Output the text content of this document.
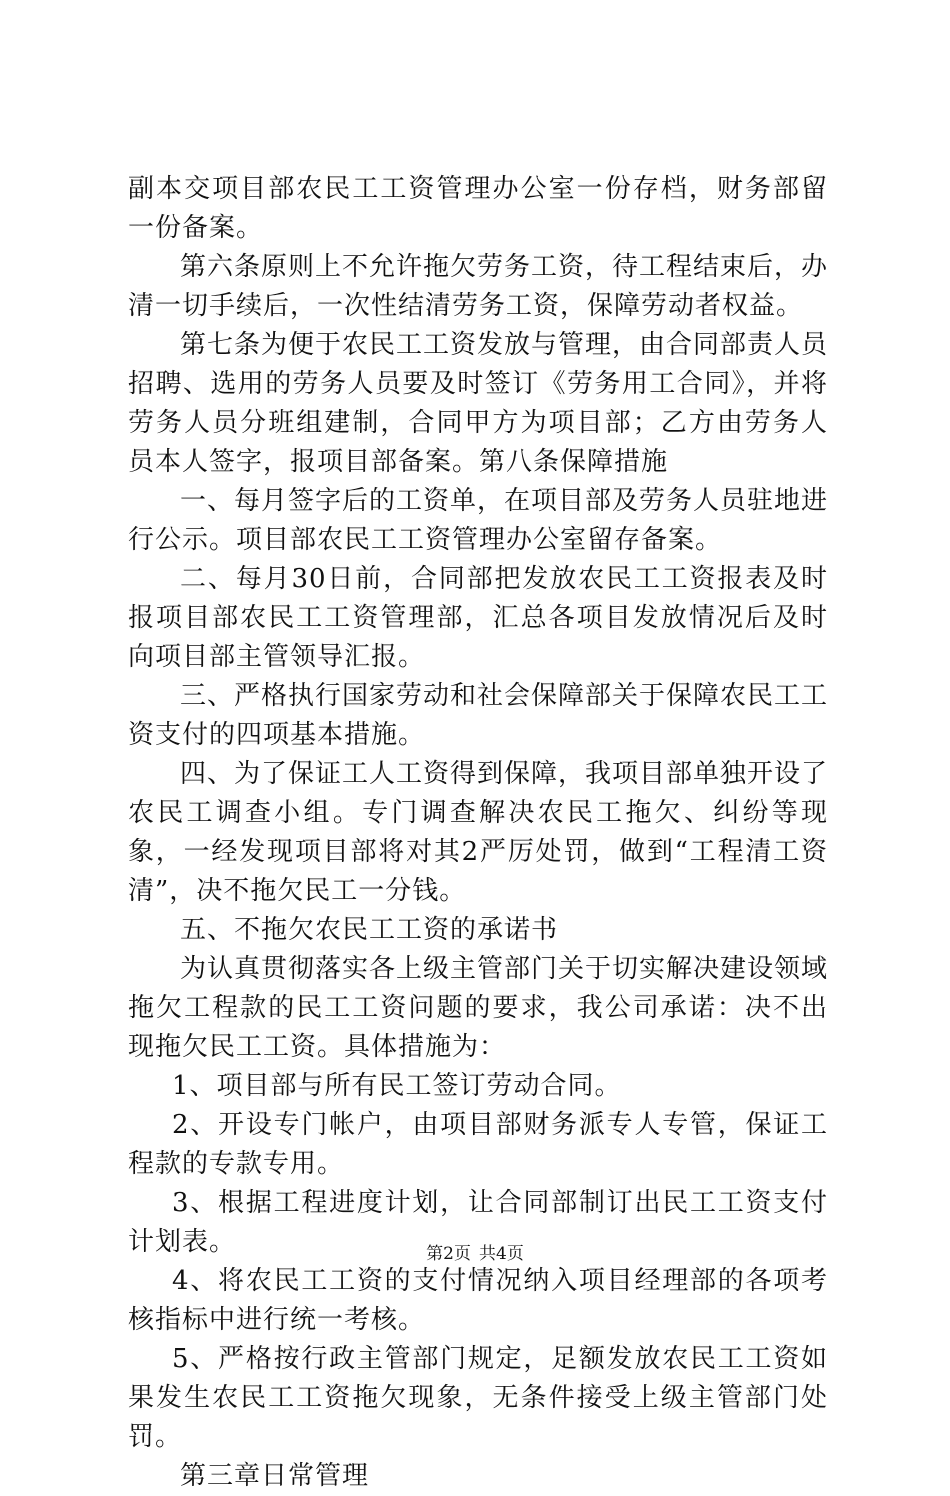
副本交项目部农民工工资管理办公室一份存档，财务部留一份备案。

第六条原则上不允许拖欠劳务工资，待工程结束后，办清一切手续后，一次性结清劳务工资，保障劳动者权益。

第七条为便于农民工工资发放与管理，由合同部责人员招聘、选用的劳务人员要及时签订《劳务用工合同》，并将劳务人员分班组建制，合同甲方为项目部；乙方由劳务人员本人签字，报项目部备案。第八条保障措施

一、每月签字后的工资单，在项目部及劳务人员驻地进行公示。项目部农民工工资管理办公室留存备案。

二、每月30日前，合同部把发放农民工工资报表及时报项目部农民工工资管理部，汇总各项目发放情况后及时向项目部主管领导汇报。

三、严格执行国家劳动和社会保障部关于保障农民工工资支付的四项基本措施。

四、为了保证工人工资得到保障，我项目部单独开设了农民工调查小组。专门调查解决农民工拖欠、纠纷等现象，一经发现项目部将对其2严厉处罚，做到“工程清工资清”，决不拖欠民工一分钱。

五、不拖欠农民工工资的承诺书

为认真贯彻落实各上级主管部门关于切实解决建设领域拖欠工程款的民工工资问题的要求，我公司承诺：决不出现拖欠民工工资。具体措施为：

1、项目部与所有民工签订劳动合同。

2、开设专门帐户，由项目部财务派专人专管，保证工程款的专款专用。

3、根据工程进度计划，让合同部制订出民工工资支付计划表。

4、将农民工工资的支付情况纳入项目经理部的各项考核指标中进行统一考核。

5、严格按行政主管部门规定，足额发放农民工工资如果发生农民工工资拖欠现象，无条件接受上级主管部门处罚。

第三章日常管理

第2页 共4页
